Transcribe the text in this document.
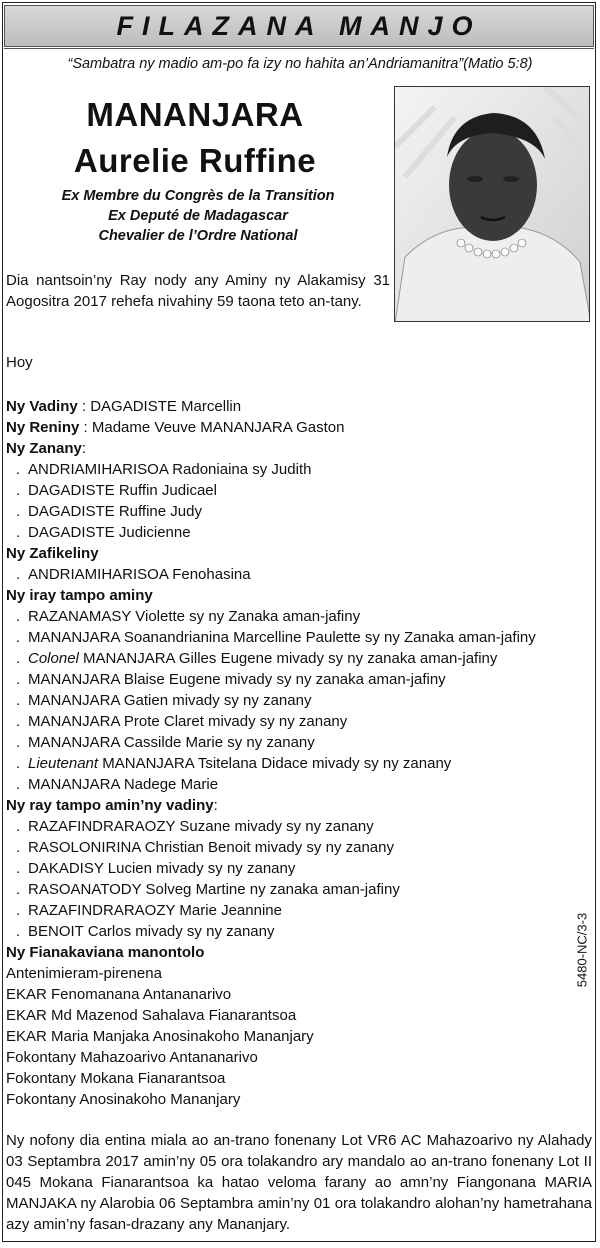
FILAZANA MANJO
“Sambatra ny madio am-po fa izy no hahita an’Andriamanitra”(Matio 5:8)
MANANJARA
Aurelie Ruffine
Ex Membre du Congrès de la Transition
Ex Deputé de Madagascar
Chevalier de l’Ordre National
Dia nantsoin’ny Ray nody any Aminy ny Alakamisy 31 Aogositra 2017 rehefa nivahiny 59 taona teto an-tany.
Hoy
Ny Vadiny : DAGADISTE Marcellin
Ny Reniny : Madame Veuve MANANJARA Gaston
Ny Zanany:
. ANDRIAMIHARISOA Radoniaina sy Judith
. DAGADISTE Ruffin Judicael
. DAGADISTE Ruffine Judy
. DAGADISTE Judicienne
Ny Zafikeliny
. ANDRIAMIHARISOA Fenohasina
Ny iray tampo aminy
. RAZANAMASY Violette sy ny Zanaka aman-jafiny
. MANANJARA Soanandrianina Marcelline Paulette sy ny Zanaka aman-jafiny
. Colonel MANANJARA Gilles Eugene mivady sy ny zanaka aman-jafiny
. MANANJARA Blaise Eugene mivady sy ny zanaka aman-jafiny
. MANANJARA Gatien mivady sy ny zanany
. MANANJARA Prote Claret mivady sy ny zanany
. MANANJARA Cassilde Marie sy ny zanany
. Lieutenant MANANJARA Tsitelana Didace mivady sy ny zanany
. MANANJARA Nadege Marie
Ny ray tampo amin’ny vadiny:
. RAZAFINDRARAOZY Suzane mivady sy ny zanany
. RASOLONIRINA Christian Benoit mivady sy ny zanany
. DAKADISY Lucien mivady sy ny zanany
. RASOANATODY Solveg Martine ny zanaka aman-jafiny
. RAZAFINDRARAOZY Marie Jeannine
. BENOIT Carlos mivady sy ny zanany
Ny Fianakaviana manontolo
Antenimieram-pirenena
EKAR Fenomanana Antananarivo
EKAR Md Mazenod Sahalava Fianarantsoa
EKAR Maria Manjaka Anosinakoho Mananjary
Fokontany Mahazoarivo Antananarivo
Fokontany Mokana Fianarantsoa
Fokontany Anosinakoho Mananjary
5480-NC/3-3
Ny nofony dia entina miala ao an-trano fonenany Lot VR6 AC Mahazoarivo ny Alahady 03 Septambra 2017 amin’ny 05 ora tolakandro ary mandalo ao an-trano fonenany Lot II 045 Mokana Fianarantsoa ka hatao veloma farany ao amn’ny Fiangonana MARIA MANJAKA ny Alarobia 06 Septambra amin’ny 01 ora tolakandro alohan’ny hametrahana azy amin’ny fasan-drazany any Mananjary.
